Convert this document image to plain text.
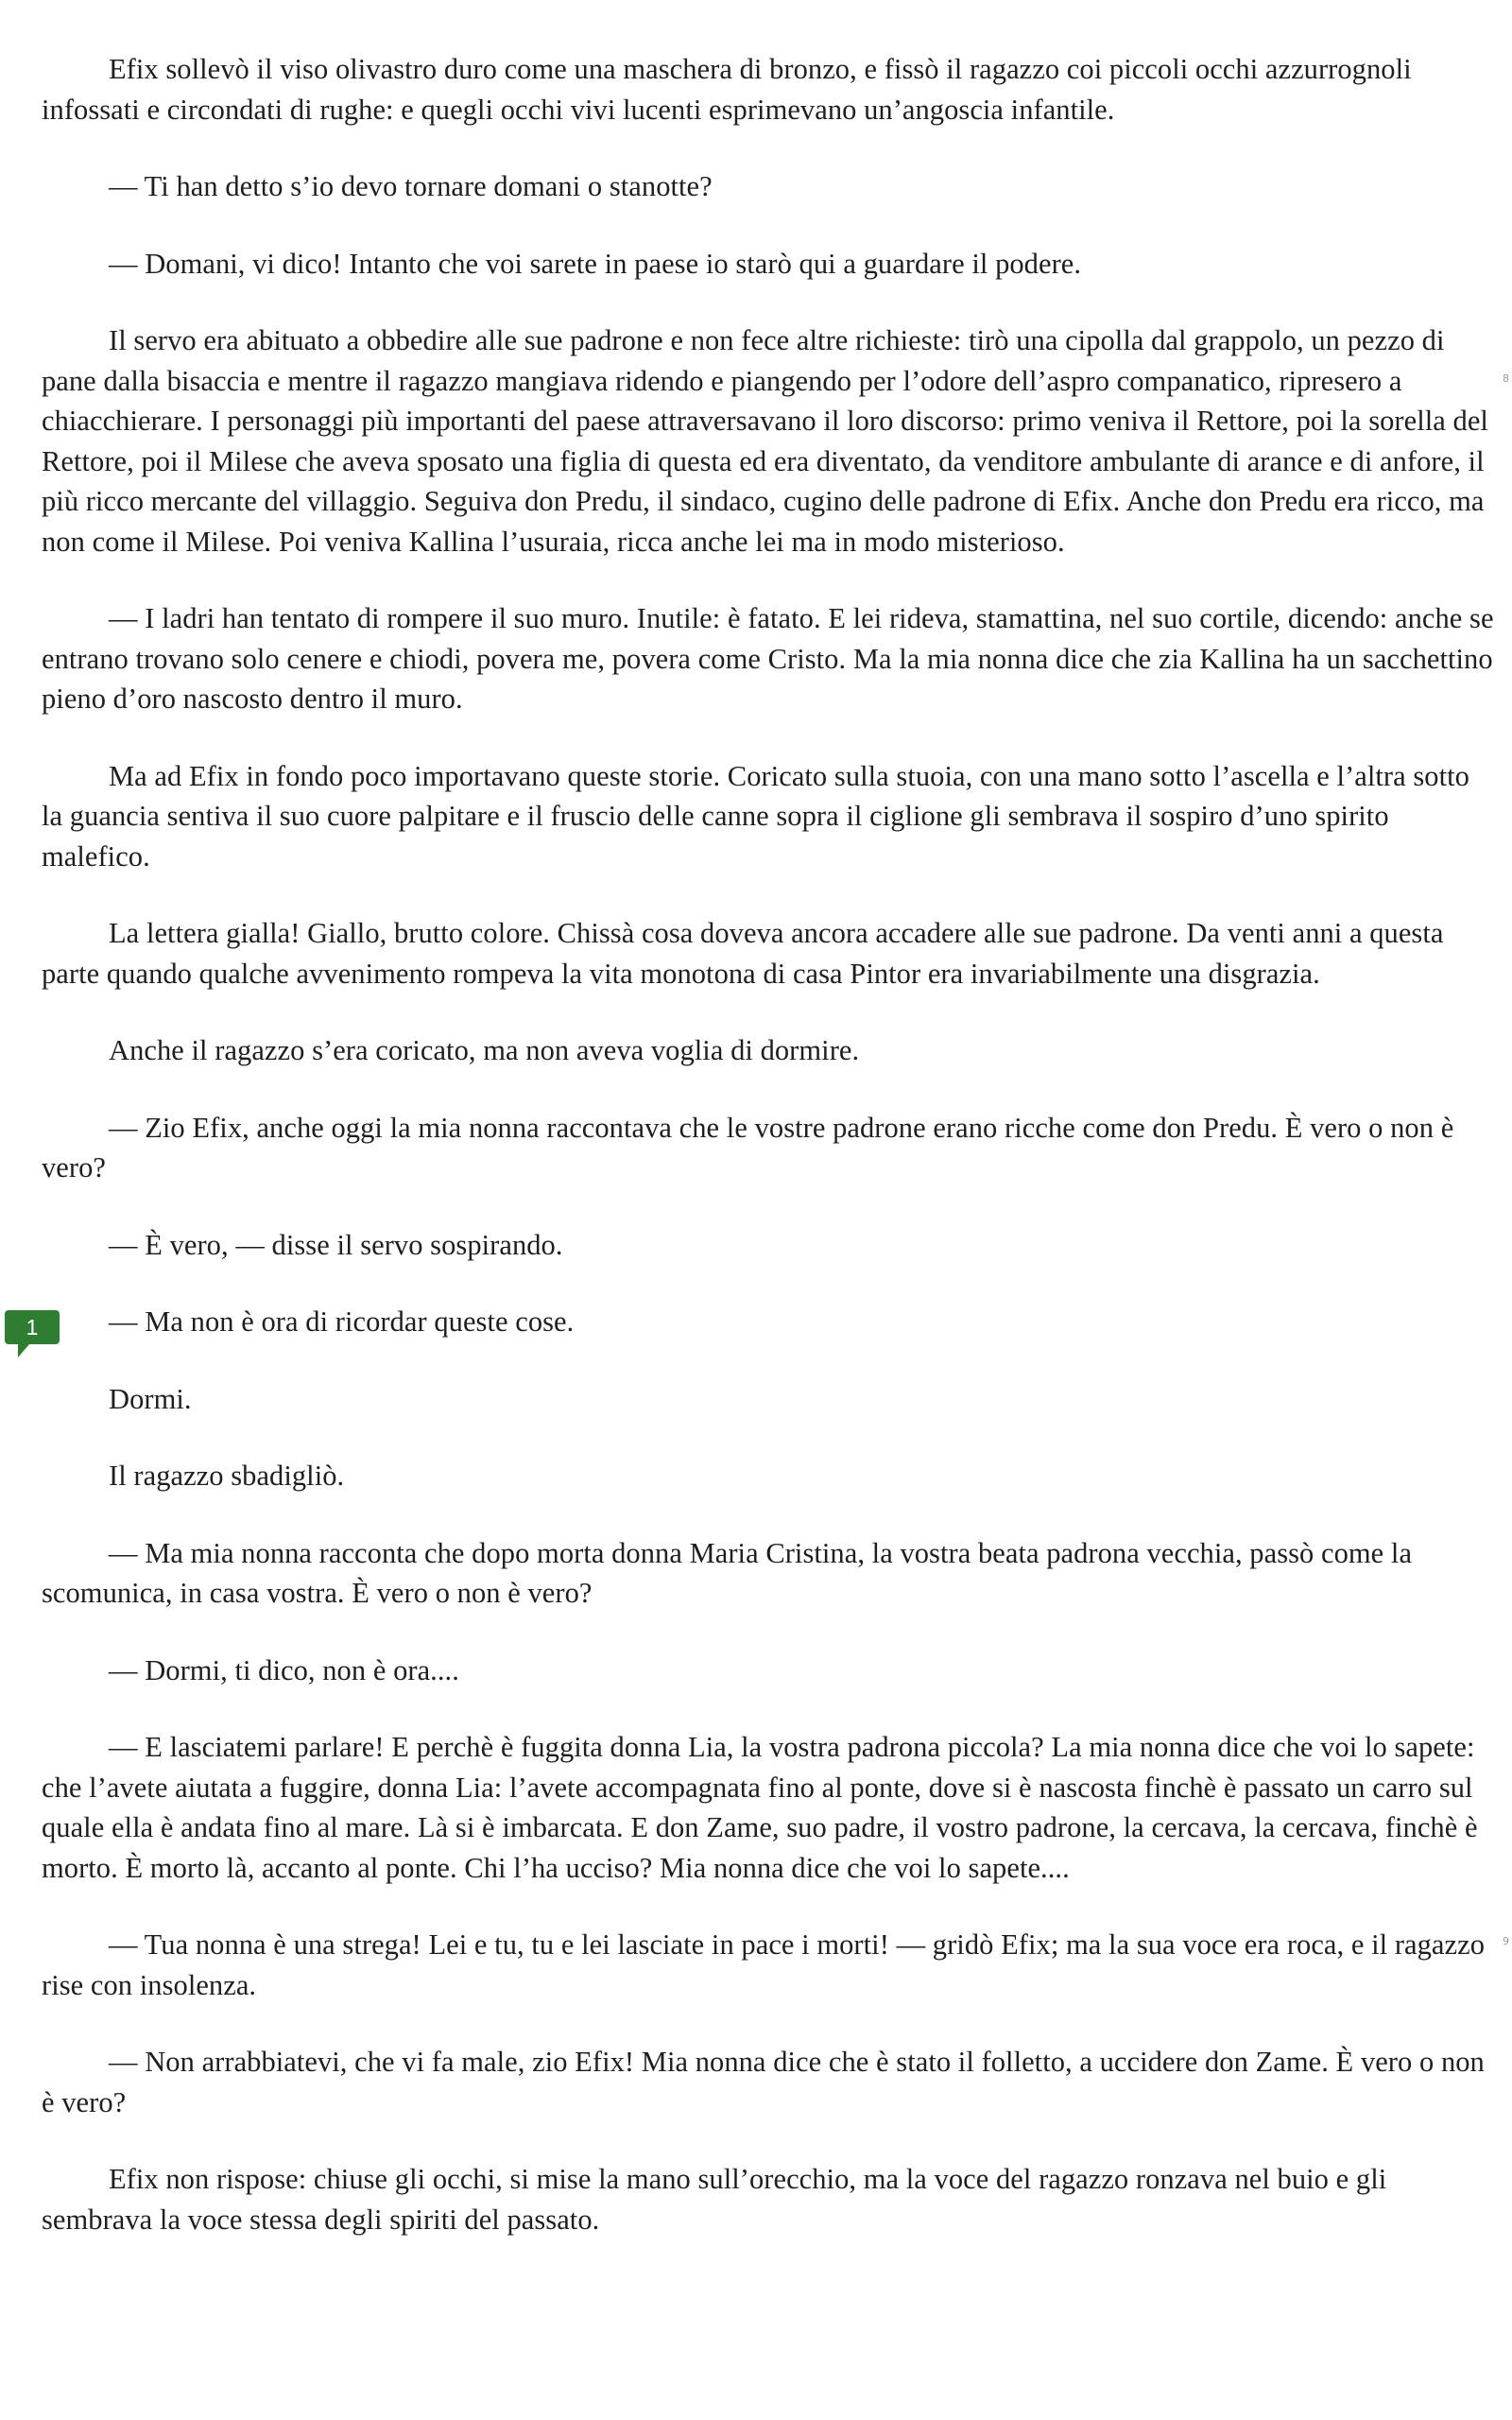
Efix sollevò il viso olivastro duro come una maschera di bronzo, e fissò il ragazzo coi piccoli occhi azzurrognoli infossati e circondati di rughe: e quegli occhi vivi lucenti esprimevano un’angoscia infantile.

— Ti han detto s’io devo tornare domani o stanotte?

— Domani, vi dico! Intanto che voi sarete in paese io starò qui a guardare il podere.

Il servo era abituato a obbedire alle sue padrone e non fece altre richieste: tirò una cipolla dal grappolo, un pezzo di pane dalla bisaccia e mentre il ragazzo mangiava ridendo e piangendo per l’odore dell’aspro companatico, ripresero a chiacchierare. I personaggi più importanti del paese attraversavano il loro discorso: primo veniva il Rettore, poi la sorella del Rettore, poi il Milese che aveva sposato una figlia di questa ed era diventato, da venditore ambulante di arance e di anfore, il più ricco mercante del villaggio. Seguiva don Predu, il sindaco, cugino delle padrone di Efix. Anche don Predu era ricco, ma non come il Milese. Poi veniva Kallina l’usuraia, ricca anche lei ma in modo misterioso.

— I ladri han tentato di rompere il suo muro. Inutile: è fatato. E lei rideva, stamattina, nel suo cortile, dicendo: anche se entrano trovano solo cenere e chiodi, povera me, povera come Cristo. Ma la mia nonna dice che zia Kallina ha un sacchettino pieno d’oro nascosto dentro il muro.

Ma ad Efix in fondo poco importavano queste storie. Coricato sulla stuoia, con una mano sotto l’ascella e l’altra sotto la guancia sentiva il suo cuore palpitare e il fruscio delle canne sopra il ciglione gli sembrava il sospiro d’uno spirito malefico.

La lettera gialla! Giallo, brutto colore. Chissà cosa doveva ancora accadere alle sue padrone. Da venti anni a questa parte quando qualche avvenimento rompeva la vita monotona di casa Pintor era invariabilmente una disgrazia.

Anche il ragazzo s’era coricato, ma non aveva voglia di dormire.

— Zio Efix, anche oggi la mia nonna raccontava che le vostre padrone erano ricche come don Predu. È vero o non è vero?

— È vero, — disse il servo sospirando.

— Ma non è ora di ricordar queste cose.

Dormi.

Il ragazzo sbadigliò.

— Ma mia nonna racconta che dopo morta donna Maria Cristina, la vostra beata padrona vecchia, passò come la scomunica, in casa vostra. È vero o non è vero?

— Dormi, ti dico, non è ora....

— E lasciatemi parlare! E perchè è fuggita donna Lia, la vostra padrona piccola? La mia nonna dice che voi lo sapete: che l’avete aiutata a fuggire, donna Lia: l’avete accompagnata fino al ponte, dove si è nascosta finchè è passato un carro sul quale ella è andata fino al mare. Là si è imbarcata. E don Zame, suo padre, il vostro padrone, la cercava, la cercava, finchè è morto. È morto là, accanto al ponte. Chi l’ha ucciso? Mia nonna dice che voi lo sapete....

— Tua nonna è una strega! Lei e tu, tu e lei lasciate in pace i morti! — gridò Efix; ma la sua voce era roca, e il ragazzo rise con insolenza.

— Non arrabbiatevi, che vi fa male, zio Efix! Mia nonna dice che è stato il folletto, a uccidere don Zame. È vero o non è vero?

Efix non rispose: chiuse gli occhi, si mise la mano sull’orecchio, ma la voce del ragazzo ronzava nel buio e gli sembrava la voce stessa degli spiriti del passato.

1
8
9
